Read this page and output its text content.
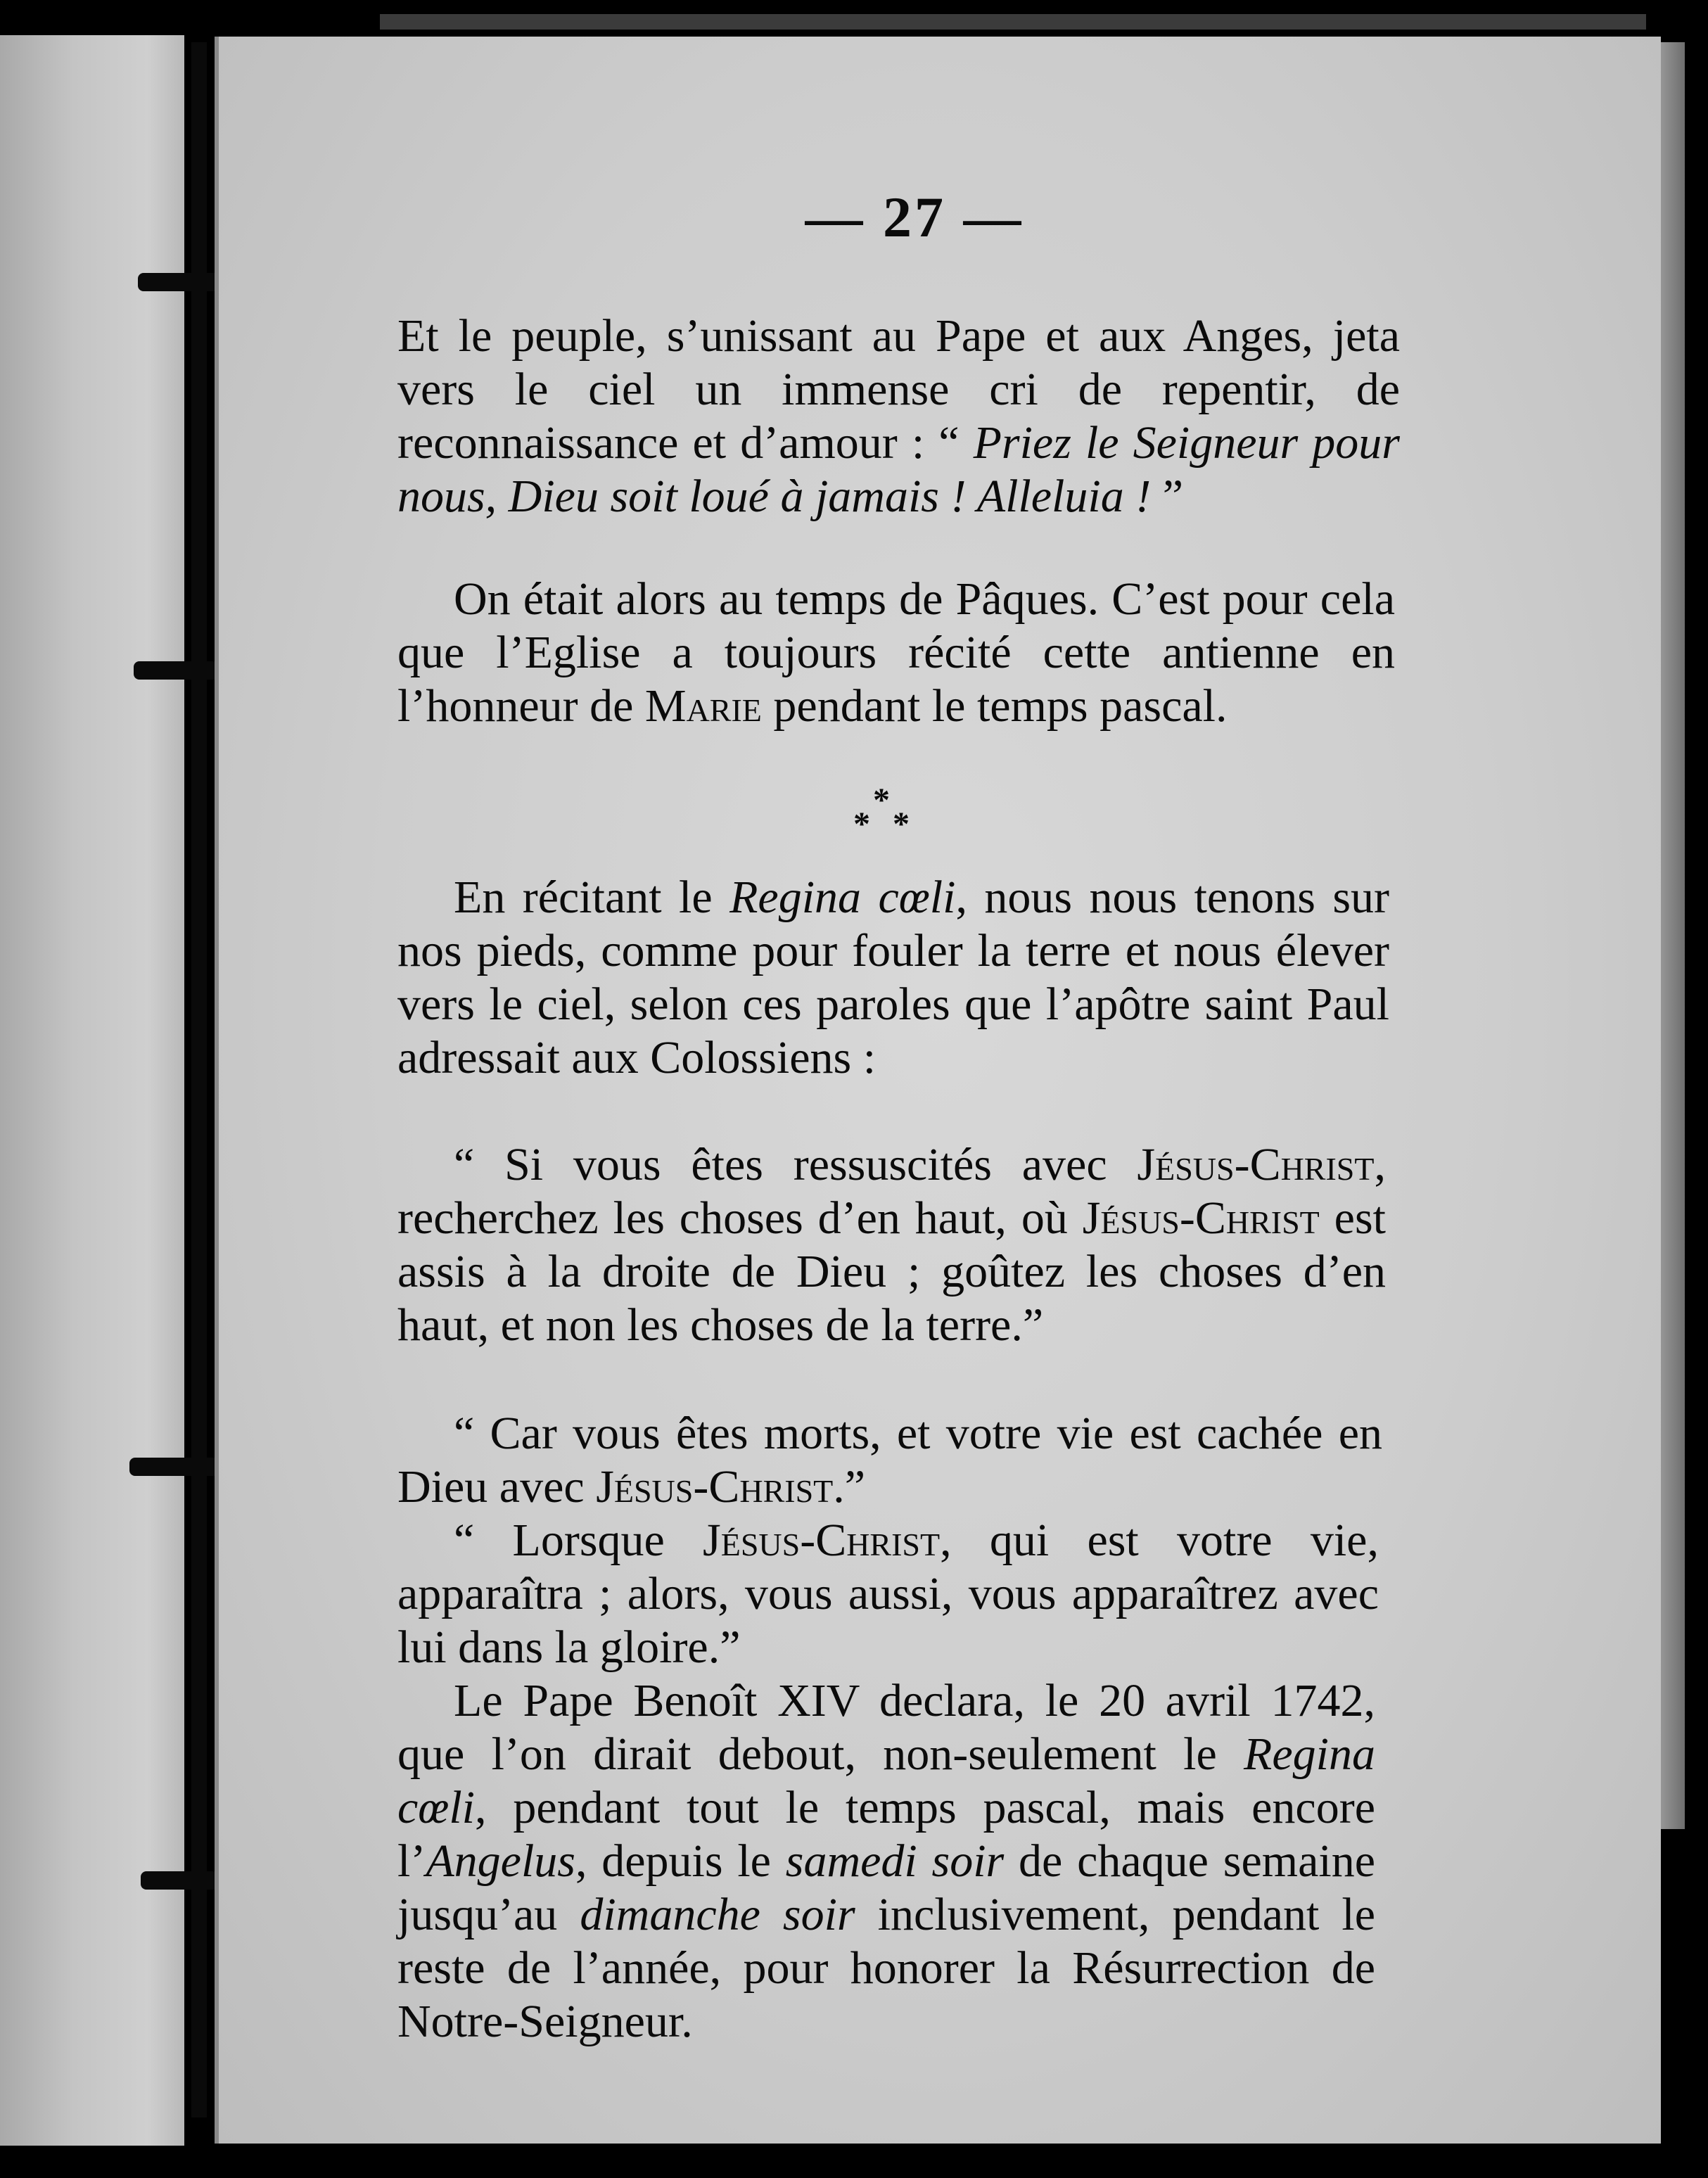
— 27 —

Et le peuple, s’unissant au Pape et aux Anges, jeta vers le ciel un immense cri de repentir, de reconnaissance et d’amour : “ Priez le Seigneur pour nous, Dieu soit loué à jamais ! Alleluia ! ”

On était alors au temps de Pâques. C’est pour cela que l’Eglise a toujours récité cette antienne en l’honneur de Marie pendant le temps pascal.

En récitant le Regina cœli, nous nous tenons sur nos pieds, comme pour fouler la terre et nous élever vers le ciel, selon ces paroles que l’apôtre saint Paul adressait aux Colossiens :

“ Si vous êtes ressuscités avec Jésus-Christ, recherchez les choses d’en haut, où Jésus-Christ est assis à la droite de Dieu ; goûtez les choses d’en haut, et non les choses de la terre.”

“ Car vous êtes morts, et votre vie est cachée en Dieu avec Jésus-Christ.”

“ Lorsque Jésus-Christ, qui est votre vie, apparaîtra ; alors, vous aussi, vous apparaîtrez avec lui dans la gloire.”

Le Pape Benoît XIV declara, le 20 avril 1742, que l’on dirait debout, non-seulement le Regina cœli, pendant tout le temps pascal, mais encore l’Angelus, depuis le samedi soir de chaque semaine jusqu’au dimanche soir inclusivement, pendant le reste de l’année, pour honorer la Résurrection de Notre-Seigneur.

*
* *
